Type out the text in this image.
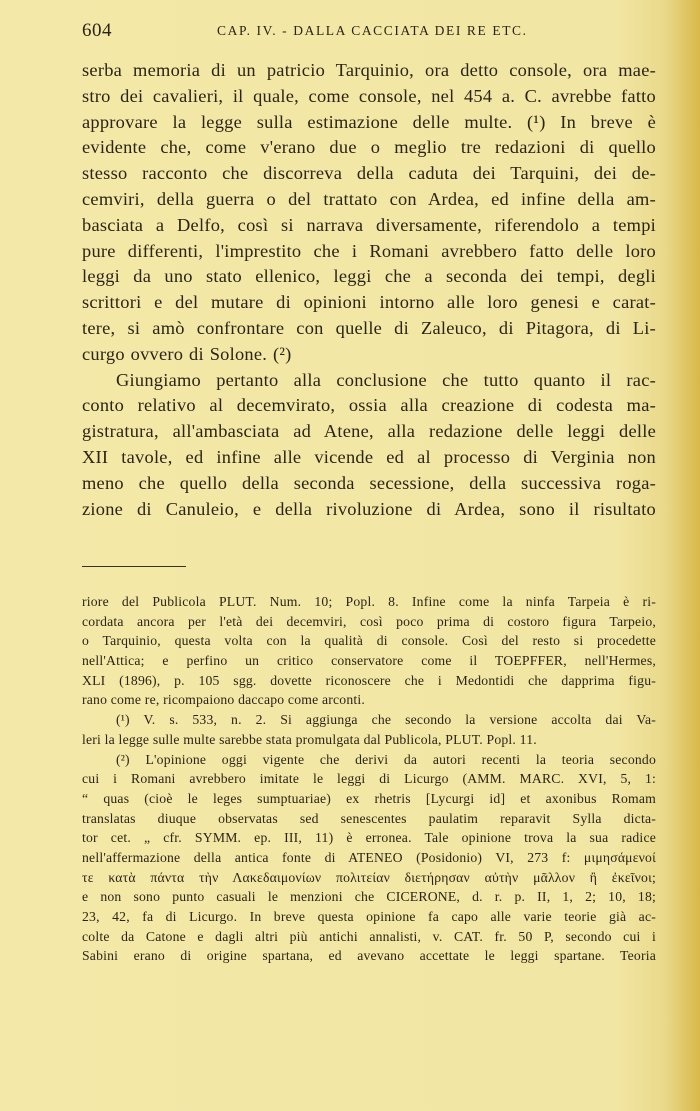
604	CAP. IV. - DALLA CACCIATA DEI RE ETC.
serba memoria di un patricio Tarquinio, ora detto console, ora mae-
stro dei cavalieri, il quale, come console, nel 454 a. C. avrebbe fatto
approvare la legge sulla estimazione delle multe. (¹) In breve è
evidente che, come v'erano due o meglio tre redazioni di quello
stesso racconto che discorreva della caduta dei Tarquini, dei de-
cemviri, della guerra o del trattato con Ardea, ed infine della am-
basciata a Delfo, così si narrava diversamente, riferendolo a tempi
pure differenti, l'imprestito che i Romani avrebbero fatto delle loro
leggi da uno stato ellenico, leggi che a seconda dei tempi, degli
scrittori e del mutare di opinioni intorno alle loro genesi e carat-
tere, si amò confrontare con quelle di Zaleuco, di Pitagora, di Li-
curgo ovvero di Solone. (²)
Giungiamo pertanto alla conclusione che tutto quanto il rac-
conto relativo al decemvirato, ossia alla creazione di codesta ma-
gistratura, all'ambasciata ad Atene, alla redazione delle leggi delle
XII tavole, ed infine alle vicende ed al processo di Verginia non
meno che quello della seconda secessione, della successiva roga-
zione di Canuleio, e della rivoluzione di Ardea, sono il risultato
riore del Publicola PLUT. Num. 10; Popl. 8. Infine come la ninfa Tarpeia è ri-
cordata ancora per l'età dei decemviri, così poco prima di costoro figura Tarpeio,
o Tarquinio, questa volta con la qualità di console. Così del resto si procedette
nell'Attica; e perfino un critico conservatore come il TOEPFFER, nell'Hermes,
XLI (1896), p. 105 sgg. dovette riconoscere che i Medontidi che dapprima figu-
rano come re, ricompaiono daccapo come arconti.
(¹) V. s. 533, n. 2. Si aggiunga che secondo la versione accolta dai Va-
leri la legge sulle multe sarebbe stata promulgata dal Publicola, PLUT. Popl. 11.
(²) L'opinione oggi vigente che derivi da autori recenti la teoria secondo
cui i Romani avrebbero imitate le leggi di Licurgo (AMM. MARC. XVI, 5, 1:
“ quas (cioè le leges sumptuariae) ex rhetris [Lycurgi id] et axonibus Romam
translatas diuque observatas sed senescentes paulatim reparavit Sylla dicta-
tor cet. „ cfr. SYMM. ep. III, 11) è erronea. Tale opinione trova la sua radice
nell'affermazione della antica fonte di ATENEO (Posidonio) VI, 273 f: μιμησάμενοί
τε κατὰ πάντα τὴν Λακεδαιμονίων πολιτείαν διετήρησαν αὐτὴν μᾶλλον ἢ ἐκεῖνοι;
e non sono punto casuali le menzioni che CICERONE, d. r. p. II, 1, 2; 10, 18;
23, 42, fa di Licurgo. In breve questa opinione fa capo alle varie teorie già ac-
colte da Catone e dagli altri più antichi annalisti, v. CAT. fr. 50 P, secondo cui i
Sabini erano di origine spartana, ed avevano accettate le leggi spartane. Teoria
